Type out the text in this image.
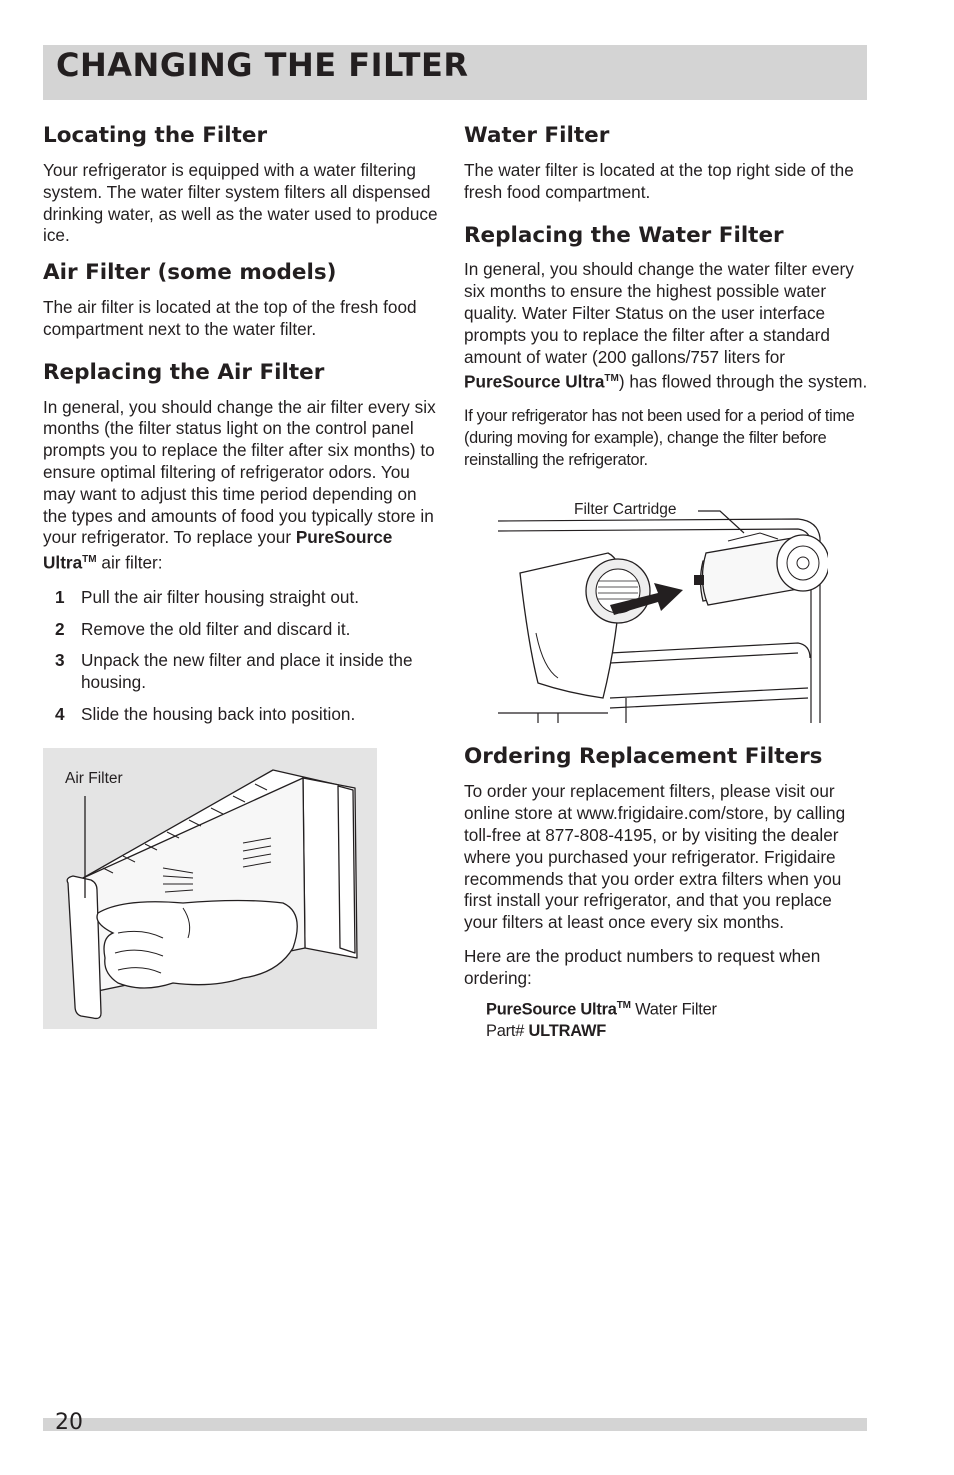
CHANGING THE FILTER
Locating the Filter

Your refrigerator is equipped with a water filtering system. The water filter system filters all dispensed drinking water, as well as the water used to produce ice.

Air Filter (some models)

The air filter is located at the top of the fresh food compartment next to the water filter.

Replacing the Air Filter

In general, you should change the air filter every six months (the filter status light on the control panel prompts you to replace the filter after six months) to ensure optimal filtering of refrigerator odors. You may want to adjust this time period depending on the types and amounts of food you typically store in your refrigerator. To replace your PureSource Ultra™ air filter:

1 Pull the air filter housing straight out.
2 Remove the old filter and discard it.
3 Unpack the new filter and place it inside the housing.
4 Slide the housing back into position.
Air Filter
Water Filter

The water filter is located at the top right side of the fresh food compartment.

Replacing the Water Filter

In general, you should change the water filter every six months to ensure the highest possible water quality. Water Filter Status on the user interface prompts you to replace the filter after a standard amount of water (200 gallons/757 liters for PureSource Ultra™) has flowed through the system.

If your refrigerator has not been used for a period of time (during moving for example), change the filter before reinstalling the refrigerator.

Filter Cartridge
Ordering Replacement Filters

To order your replacement filters, please visit our online store at www.frigidaire.com/store, by calling toll-free at 877-808-4195, or by visiting the dealer where you purchased your refrigerator. Frigidaire recommends that you order extra filters when you first install your refrigerator, and that you replace your filters at least once every six months.

Here are the product numbers to request when ordering:

PureSource Ultra™ Water Filter
Part# ULTRAWF
20
